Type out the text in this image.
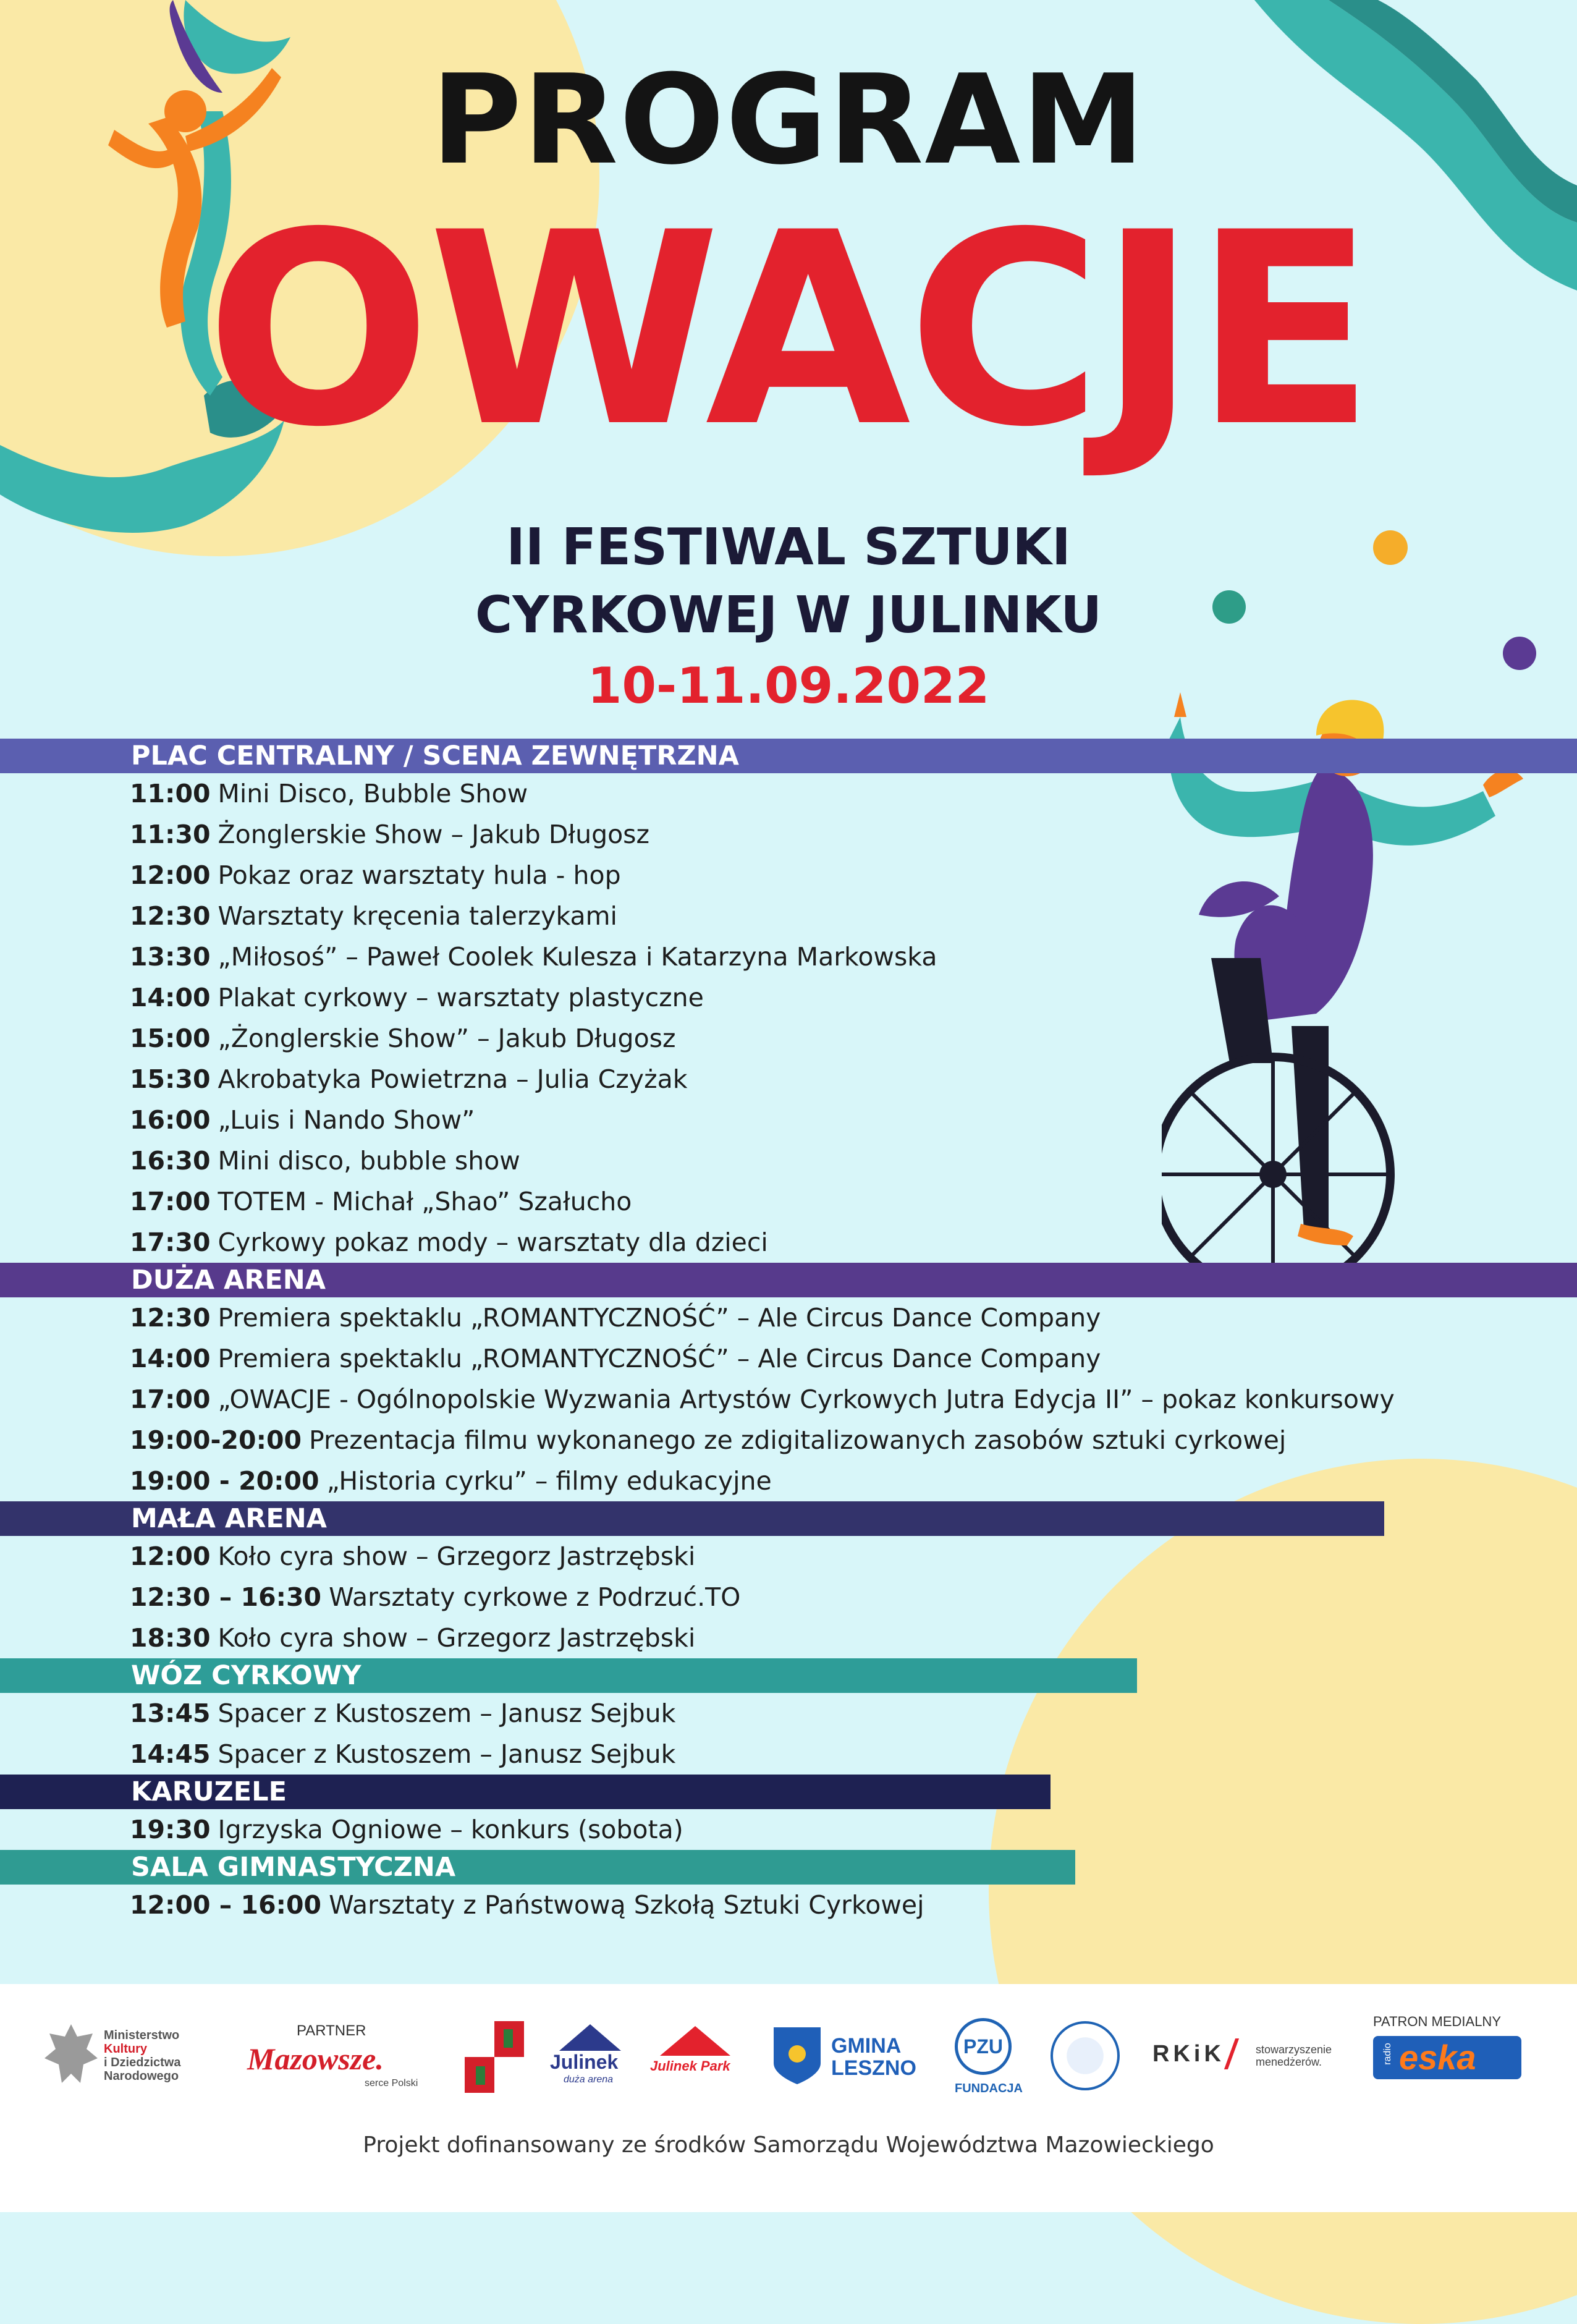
PROGRAM
OWACJE
II FESTIWAL SZTUKI
CYRKOWEJ W JULINKU
10-11.09.2022
PLAC CENTRALNY / SCENA ZEWNĘTRZNA
11:00 Mini Disco, Bubble Show
11:30 Żonglerskie Show – Jakub Długosz
12:00 Pokaz oraz warsztaty hula - hop
12:30 Warsztaty kręcenia talerzykami
13:30 „Miłosoś” – Paweł Coolek Kulesza i Katarzyna Markowska
14:00 Plakat cyrkowy – warsztaty plastyczne
15:00 „Żonglerskie Show” – Jakub Długosz
15:30 Akrobatyka Powietrzna – Julia Czyżak
16:00 „Luis i Nando Show”
16:30 Mini disco, bubble show
17:00 TOTEM - Michał „Shao” Szałucho
17:30 Cyrkowy pokaz mody – warsztaty dla dzieci
DUŻA ARENA
12:30 Premiera spektaklu „ROMANTYCZNOŚĆ” – Ale Circus Dance Company
14:00 Premiera spektaklu „ROMANTYCZNOŚĆ” – Ale Circus Dance Company
17:00 „OWACJE - Ogólnopolskie Wyzwania Artystów Cyrkowych Jutra Edycja II” – pokaz konkursowy
19:00-20:00 Prezentacja filmu wykonanego ze zdigitalizowanych zasobów sztuki cyrkowej
19:00 - 20:00 „Historia cyrku” – filmy edukacyjne
MAŁA ARENA
12:00 Koło cyra show – Grzegorz Jastrzębski
12:30 – 16:30 Warsztaty cyrkowe z Podrzuć.TO
18:30 Koło cyra show – Grzegorz Jastrzębski
WÓZ CYRKOWY
13:45 Spacer z Kustoszem – Janusz Sejbuk
14:45 Spacer z Kustoszem – Janusz Sejbuk
KARUZELE
19:30 Igrzyska Ogniowe – konkurs (sobota)
SALA GIMNASTYCZNA
12:00 – 16:00 Warsztaty z Państwową Szkołą Sztuki Cyrkowej
Ministerstwo
Kultury
i Dziedzictwa
Narodowego
PARTNER
Mazowsze.
serce Polski
Julinek
duża arena
Julinek Park
GMINA
LESZNO
PZU
FUNDACJA
RKiK	stowarzyszenie
menedżerów.
PATRON MEDIALNY
radio eska
Projekt dofinansowany ze środków Samorządu Województwa Mazowieckiego
